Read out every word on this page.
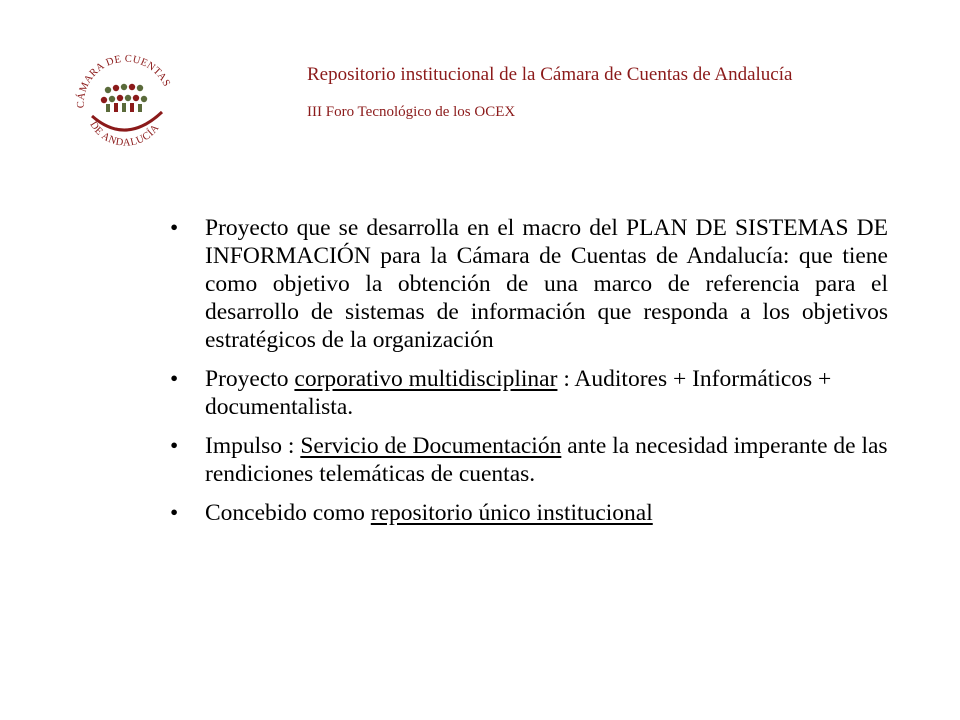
CÁMARA DE CUENTAS
DE ANDALUCÍA
Repositorio institucional de la Cámara de Cuentas de Andalucía
III Foro Tecnológico de los OCEX
• Proyecto que se desarrolla en el macro del PLAN DE SISTEMAS DE INFORMACIÓN para la Cámara de Cuentas de Andalucía: que tiene como objetivo la obtención de una marco de referencia para el desarrollo de sistemas de información que responda a los objetivos estratégicos de la organización
• Proyecto corporativo multidisciplinar : Auditores + Informáticos + documentalista.
• Impulso : Servicio de Documentación ante la necesidad imperante de las rendiciones telemáticas de cuentas.
• Concebido como repositorio único institucional
